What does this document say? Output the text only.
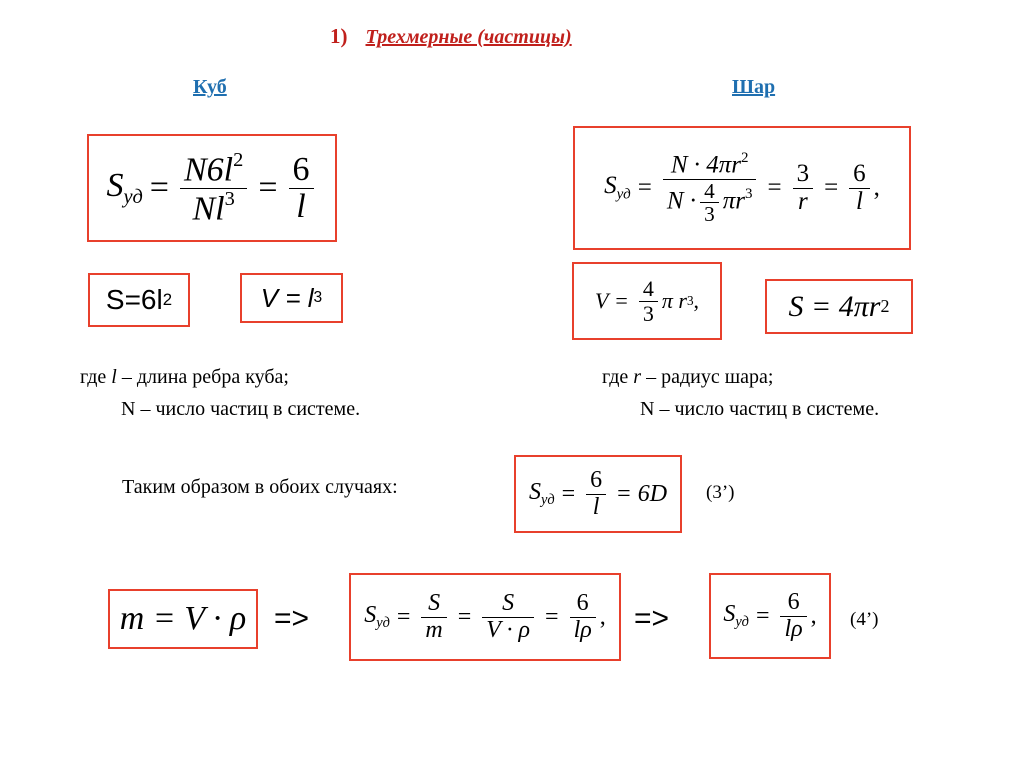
1) Трехмерные (частицы)
Куб	Шар
$S_{уд} = \frac{N6l^2}{Nl^3} = \frac{6}{l}$
S=6l 2	V = l 3
$S_{уд} = \frac{N \cdot 4\pi r^2}{N \cdot \frac{4}{3} \pi r^3} = \frac{3}{r} = \frac{6}{l}$ ,
$V = \frac{4}{3}$ π r 3 ,	S = 4πr 2
где l – длина ребра куба;
N – число частиц в системе.
где r – радиус шара;
N – число частиц в системе.
Таким образом в обоих случаях:	$S_{уд} = \frac{6}{l} = 6D$ (3’)
$m = V \cdot \rho => S_{уд} = \frac{S}{m} = \frac{S}{V \cdot \rho} = \frac{6}{l\rho}$ , => $S_{уд} = \frac{6}{l\rho}$ , (4’)
